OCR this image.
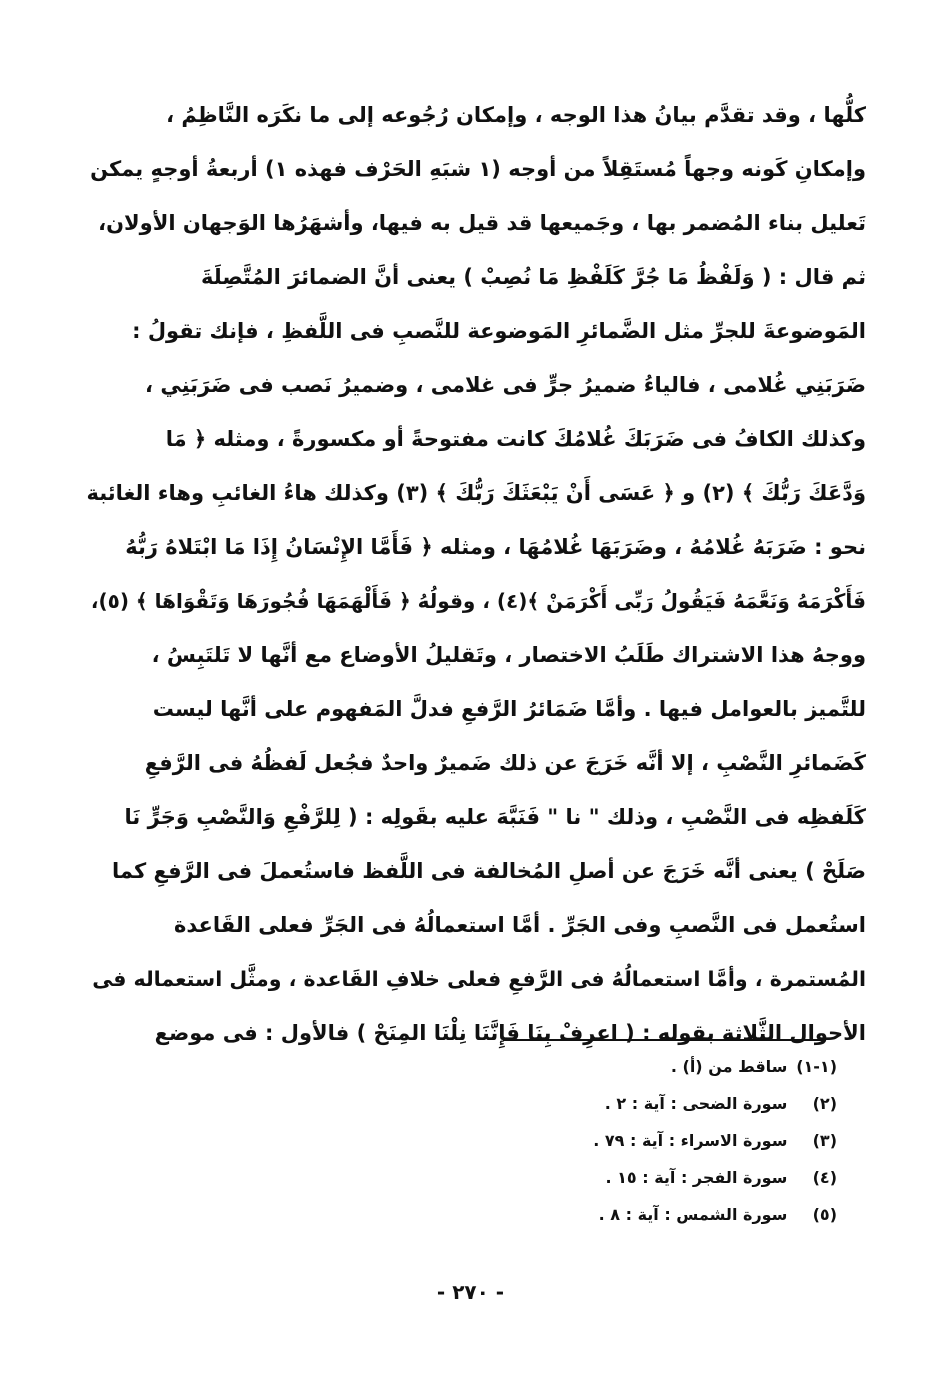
كلُّها ، وقد تقدَّم بيانُ هذا الوجه ، وإمكان رُجُوعه إلى ما نكَرَه النَّاظِمُ ،
وإمكانِ كَونه وجهاً مُستَقِلاً من أوجه (١ شبَهِ الحَرْف فهذه ١) أربعةُ أوجهٍ يمكن
تَعليل بناء المُضمر بها ، وجَميعها قد قيل به فيها، وأشهَرُها الوَجهان الأولان،
ثم قال : ( وَلَفْظُ مَا جُرَّ كَلَفْظِ مَا نُصِبْ ) يعنى أنَّ الضمائرَ المُتَّصِلَةَ
المَوضوعةَ للجرِّ مثل الضَّمائرِ المَوضوعة للنَّصبِ فى اللَّفظِ ، فإنك تقولُ :
ضَرَبَنِي غُلامى ، فالياءُ ضميرُ جرٍّ فى غلامى ، وضميرُ نَصب فى ضَرَبَنِي ،
وكذلك الكافُ فى ضَرَبَكَ غُلامُكَ كانت مفتوحةً أو مكسورةً ، ومثله ﴿ مَا
وَدَّعَكَ رَبُّكَ ﴾ (٢) و ﴿ عَسَى أَنْ يَبْعَثَكَ رَبُّكَ ﴾ (٣) وكذلك هاءُ الغائبِ وهاء الغائبة
نحو : ضَرَبَهُ غُلامُهُ ، وضَرَبَهَا غُلامُهَا ، ومثله ﴿ فَأَمَّا الإِنْسَانُ إِذَا مَا ابْتَلاهُ رَبُّهُ
فَأَكْرَمَهُ وَنَعَّمَهُ فَيَقُولُ رَبِّى أَكْرَمَنْ ﴾(٤) ، وقولُهُ ﴿ فَأَلْهَمَهَا فُجُورَهَا وَتَقْوَاهَا ﴾ (٥)،
ووجهُ هذا الاشتراك طَلَبُ الاختصار ، وتَقليلُ الأوضاع مع أنَّها لا تَلتَبِسُ ،
للتَّميز بالعوامل فيها . وأمَّا ضَمَائرُ الرَّفعِ فدلَّ المَفهوم على أنَّها ليست
كَضَمائرِ النَّصْبِ ، إلا أنَّه خَرَجَ عن ذلك ضَميرٌ واحدٌ فجُعل لَفظُهُ فى الرَّفعِ
كَلَفظِه فى النَّصْبِ ، وذلك " نا " فَنَبَّهَ عليه بقَولِه : ( لِلرَّفْعِ وَالنَّصْبِ وَجَرٍّ نَا
صَلَحْ ) يعنى أنَّه خَرَجَ عن أصلِ المُخالفة فى اللَّفظ فاستُعملَ فى الرَّفعِ كما
استُعمل فى النَّصبِ وفى الجَرِّ . أمَّا استعمالُهُ فى الجَرِّ فعلى القَاعدة
المُستمرة ، وأمَّا استعمالُهُ فى الرَّفعِ فعلى خلافِ القَاعدة ، ومثَّل استعماله فى
الأحوال الثَّلاثة بقوله : ( اعرِفْ بِنَا فَإِنَّنَا نِلْنَا المِنَحْ ) فالأول : فى موضع
(١-١) ساقط من (أ) .
(٢) سورة الضحى : آية : ٢ .
(٣) سورة الاسراء : آية : ٧٩ .
(٤) سورة الفجر : آية : ١٥ .
(٥) سورة الشمس : آية : ٨ .
- ٢٧٠ -
